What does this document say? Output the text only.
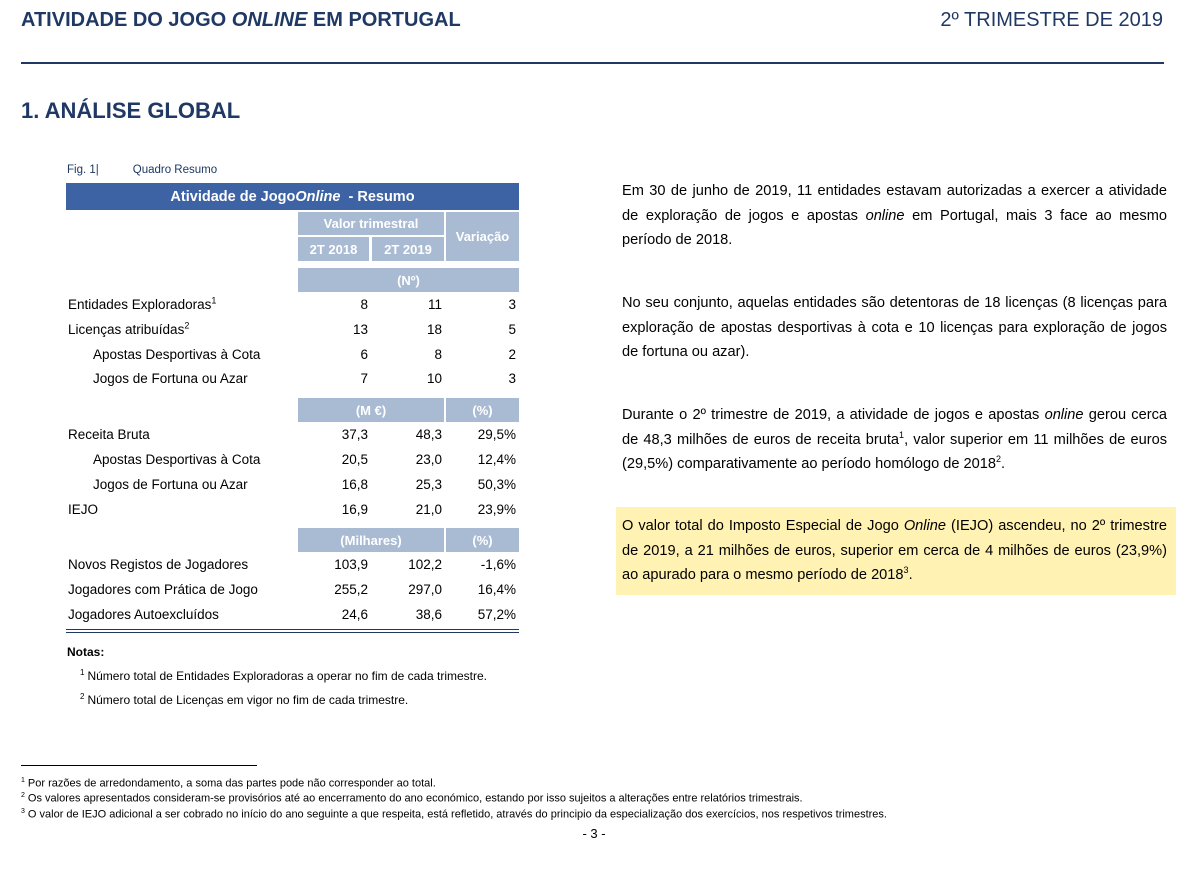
ATIVIDADE DO JOGO ONLINE EM PORTUGAL	2º TRIMESTRE DE 2019
1. ANÁLISE GLOBAL
Fig. 1|	Quadro Resumo
Atividade de Jogo Online - Resumo
Valor trimestral
2T 2018	2T 2019
Variação
(Nº)
Entidades Exploradoras$^1$	8	11	3
Licenças atribuídas$^2$	13	18	5
Apostas Desportivas à Cota	6	8	2
Jogos de Fortuna ou Azar	7	10	3
(M €)	(%)
Receita Bruta	37,3	48,3	29,5%
Apostas Desportivas à Cota	20,5	23,0	12,4%
Jogos de Fortuna ou Azar	16,8	25,3	50,3%
IEJO	16,9	21,0	23,9%
(Milhares)	(%)
Novos Registos de Jogadores	103,9	102,2	-1,6%
Jogadores com Prática de Jogo	255,2	297,0	16,4%
Jogadores Autoexcluídos	24,6	38,6	57,2%
Notas:
$^1$ Número total de Entidades Exploradoras a operar no fim de cada trimestre.
$^2$ Número total de Licenças em vigor no fim de cada trimestre.
Em 30 de junho de 2019, 11 entidades estavam autorizadas a exercer a atividade de exploração de jogos e apostas online em Portugal, mais 3 face ao mesmo período de 2018.
No seu conjunto, aquelas entidades são detentoras de 18 licenças (8 licenças para exploração de apostas desportivas à cota e 10 licenças para exploração de jogos de fortuna ou azar).
Durante o 2º trimestre de 2019, a atividade de jogos e apostas online gerou cerca de 48,3 milhões de euros de receita bruta$^1$, valor superior em 11 milhões de euros (29,5%) comparativamente ao período homólogo de 2018$^2$.
O valor total do Imposto Especial de Jogo Online (IEJO) ascendeu, no 2º trimestre de 2019, a 21 milhões de euros, superior em cerca de 4 milhões de euros (23,9%) ao apurado para o mesmo período de 2018$^3$.
$^1$ Por razões de arredondamento, a soma das partes pode não corresponder ao total.
$^2$ Os valores apresentados consideram-se provisórios até ao encerramento do ano económico, estando por isso sujeitos a alterações entre relatórios trimestrais.
$^3$ O valor de IEJO adicional a ser cobrado no início do ano seguinte a que respeita, está refletido, através do principio da especialização dos exercícios, nos respetivos trimestres.
- 3 -
